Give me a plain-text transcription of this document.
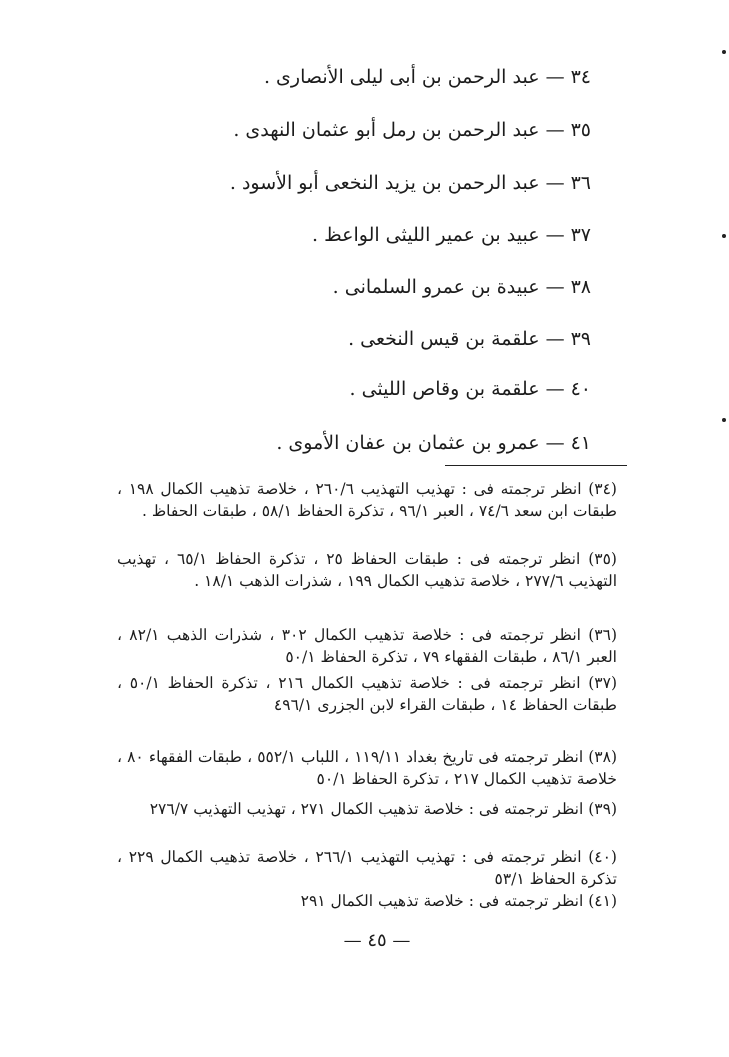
٣٤— عبد الرحمن بن أبى ليلى الأنصارى .
٣٥— عبد الرحمن بن رمل أبو عثمان النهدى .
٣٦— عبد الرحمن بن يزيد النخعى أبو الأسود .
٣٧— عبيد بن عمير الليثى الواعظ .
٣٨— عبيدة بن عمرو السلمانى .
٣٩— علقمة بن قيس النخعى .
٤٠— علقمة بن وقاص الليثى .
٤١— عمرو بن عثمان بن عفان الأموى .
(٣٤) انظر ترجمته فى : تهذيب التهذيب ٢٦٠/٦ ، خلاصة تذهيب الكمال ١٩٨ ، طبقات ابن سعد ٧٤/٦ ، العبر ٩٦/١ ، تذكرة الحفاظ ٥٨/١ ، طبقات الحفاظ .
(٣٥) انظر ترجمته فى : طبقات الحفاظ ٢٥ ، تذكرة الحفاظ ٦٥/١ ، تهذيب التهذيب ٢٧٧/٦ ، خلاصة تذهيب الكمال ١٩٩ ، شذرات الذهب ١٨/١ .
(٣٦) انظر ترجمته فى : خلاصة تذهيب الكمال ٣٠٢ ، شذرات الذهب ٨٢/١ ، العبر ٨٦/١ ، طبقات الفقهاء ٧٩ ، تذكرة الحفاظ ٥٠/١
(٣٧) انظر ترجمته فى : خلاصة تذهيب الكمال ٢١٦ ، تذكرة الحفاظ ٥٠/١ ، طبقات الحفاظ ١٤ ، طبقات القراء لابن الجزرى ٤٩٦/١
(٣٨) انظر ترجمته فى تاريخ بغداد ١١٩/١١ ، اللباب ٥٥٢/١ ، طبقات الفقهاء ٨٠ ، خلاصة تذهيب الكمال ٢١٧ ، تذكرة الحفاظ ٥٠/١
(٣٩) انظر ترجمته فى : خلاصة تذهيب الكمال ٢٧١ ، تهذيب التهذيب ٢٧٦/٧
(٤٠) انظر ترجمته فى : تهذيب التهذيب ٢٦٦/١ ، خلاصة تذهيب الكمال ٢٢٩ ، تذكرة الحفاظ ٥٣/١
(٤١) انظر ترجمته فى : خلاصة تذهيب الكمال ٢٩١
— ٤٥ —
